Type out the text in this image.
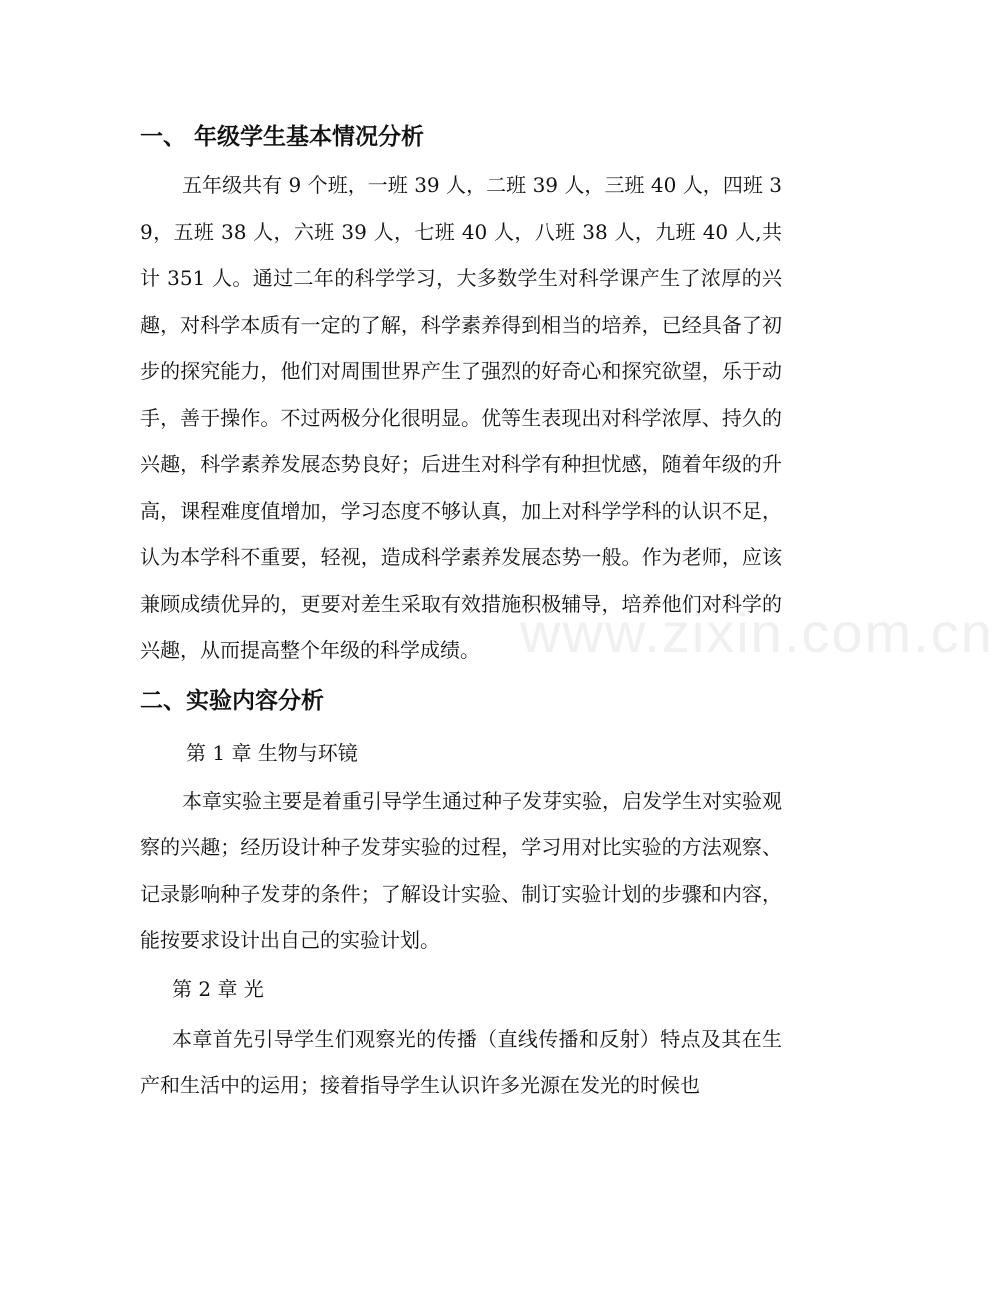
www.zixin.com.cn
一、 年级学生基本情况分析

五年级共有 9 个班，一班 39 人，二班 39 人，三班 40 人，四班 39，五班 38 人，六班 39 人，七班 40 人，八班 38 人，九班 40 人,共计 351 人。通过二年的科学学习，大多数学生对科学课产生了浓厚的兴趣，对科学本质有一定的了解，科学素养得到相当的培养，已经具备了初步的探究能力，他们对周围世界产生了强烈的好奇心和探究欲望，乐于动手，善于操作。不过两极分化很明显。优等生表现出对科学浓厚、持久的兴趣，科学素养发展态势良好；后进生对科学有种担忧感，随着年级的升高，课程难度值增加，学习态度不够认真，加上对科学学科的认识不足，认为本学科不重要，轻视，造成科学素养发展态势一般。作为老师，应该兼顾成绩优异的，更要对差生采取有效措施积极辅导，培养他们对科学的兴趣，从而提高整个年级的科学成绩。

二、实验内容分析

第 1 章 生物与环镜

本章实验主要是着重引导学生通过种子发芽实验，启发学生对实验观察的兴趣；经历设计种子发芽实验的过程，学习用对比实验的方法观察、记录影响种子发芽的条件；了解设计实验、制订实验计划的步骤和内容，能按要求设计出自己的实验计划。

第 2 章 光

本章首先引导学生们观察光的传播（直线传播和反射）特点及其在生产和生活中的运用；接着指导学生认识许多光源在发光的时候也
